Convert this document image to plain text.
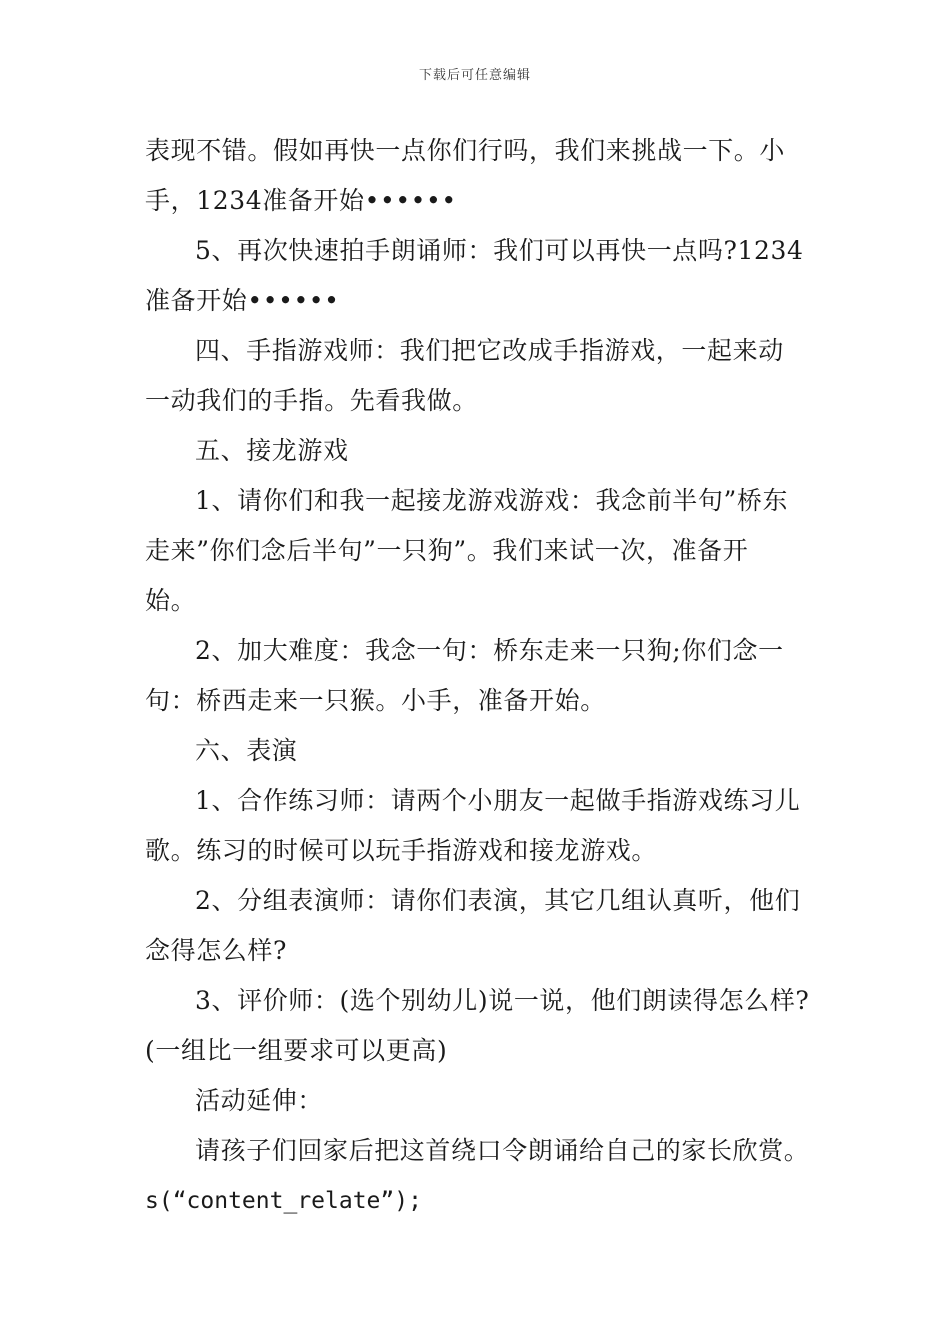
下载后可任意编辑
表现不错。假如再快一点你们行吗，我们来挑战一下。小
手，1234准备开始••••••
5、再次快速拍手朗诵师：我们可以再快一点吗?1234
准备开始••••••
四、手指游戏师：我们把它改成手指游戏，一起来动
一动我们的手指。先看我做。
五、接龙游戏
1、请你们和我一起接龙游戏游戏：我念前半句”桥东
走来”你们念后半句”一只狗”。我们来试一次，准备开
始。
2、加大难度：我念一句：桥东走来一只狗;你们念一
句：桥西走来一只猴。小手，准备开始。
六、表演
1、合作练习师：请两个小朋友一起做手指游戏练习儿
歌。练习的时候可以玩手指游戏和接龙游戏。
2、分组表演师：请你们表演，其它几组认真听，他们
念得怎么样?
3、评价师：(选个别幼儿)说一说，他们朗读得怎么样?
(一组比一组要求可以更高)
活动延伸：
请孩子们回家后把这首绕口令朗诵给自己的家长欣赏。
s(“content_relate”);
